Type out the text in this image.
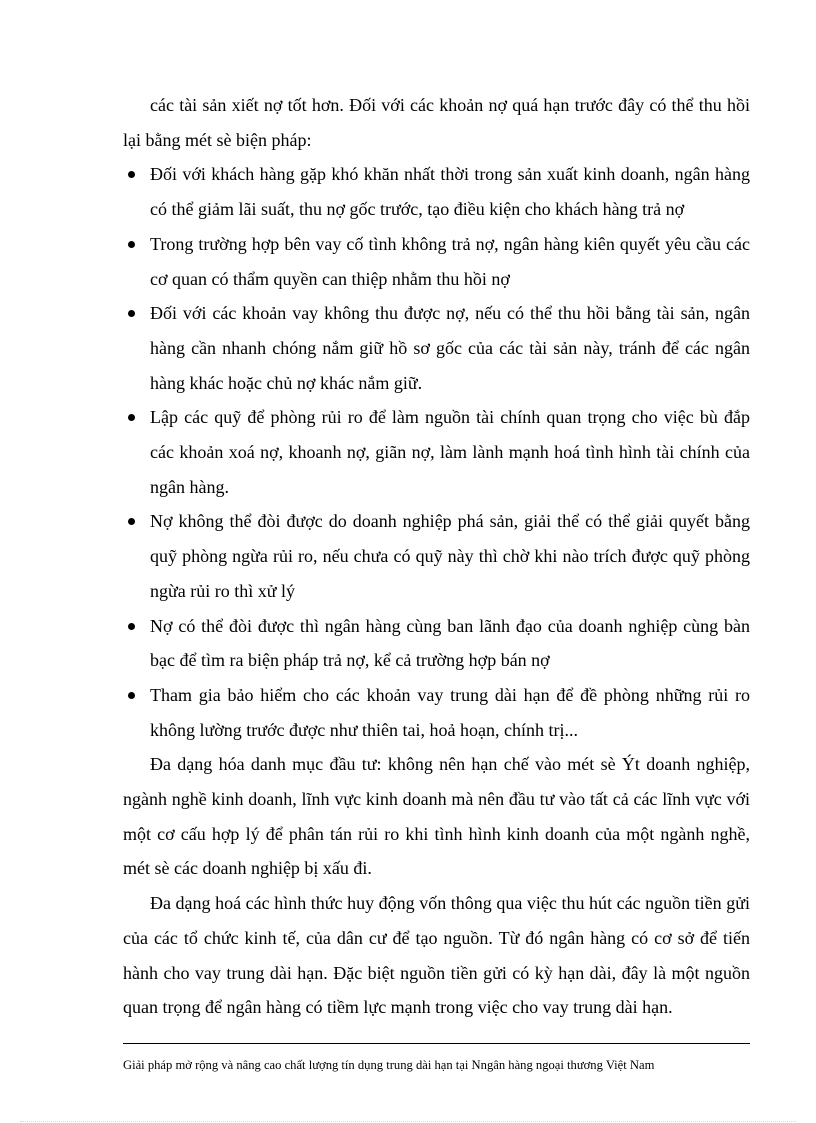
các tài sản xiết nợ tốt hơn. Đối với các khoản nợ quá hạn trước đây có thể thu hồi lại bằng mét sè biện pháp:

Đối với khách hàng gặp khó khăn nhất thời trong sản xuất kinh doanh, ngân hàng có thể giảm lãi suất, thu nợ gốc trước, tạo điều kiện cho khách hàng trả nợ
Trong trường hợp bên vay cố tình không trả nợ, ngân hàng kiên quyết yêu cầu các cơ quan có thẩm quyền can thiệp nhằm thu hồi nợ
Đối với các khoản vay không thu được nợ, nếu có thể thu hồi bằng tài sản, ngân hàng cần nhanh chóng nắm giữ hồ sơ gốc của các tài sản này, tránh để các ngân hàng khác hoặc chủ nợ khác nắm giữ.
Lập các quỹ để phòng rủi ro để làm nguồn tài chính quan trọng cho việc bù đắp các khoản xoá nợ, khoanh nợ, giãn nợ, làm lành mạnh hoá tình hình tài chính của ngân hàng.
Nợ không thể đòi được do doanh nghiệp phá sản, giải thể có thể giải quyết bằng quỹ phòng ngừa rủi ro, nếu chưa có quỹ này thì chờ khi nào trích được quỹ phòng ngừa rủi ro thì xử lý
Nợ có thể đòi được thì ngân hàng cùng ban lãnh đạo của doanh nghiệp cùng bàn bạc để tìm ra biện pháp trả nợ, kể cả trường hợp bán nợ
Tham gia bảo hiểm cho các khoản vay trung dài hạn để đề phòng những rủi ro không lường trước được như thiên tai, hoả hoạn, chính trị...

Đa dạng hóa danh mục đầu tư: không nên hạn chế vào mét sè Ýt doanh nghiệp, ngành nghề kinh doanh, lĩnh vực kinh doanh mà nên đầu tư vào tất cả các lĩnh vực với một cơ cấu hợp lý để phân tán rủi ro khi tình hình kinh doanh của một ngành nghề, mét sè các doanh nghiệp bị xấu đi.

Đa dạng hoá các hình thức huy động vốn thông qua việc thu hút các nguồn tiền gửi của các tổ chức kinh tế, của dân cư để tạo nguồn. Từ đó ngân hàng có cơ sở để tiến hành cho vay trung dài hạn. Đặc biệt nguồn tiền gửi có kỳ hạn dài, đây là một nguồn quan trọng để ngân hàng có tiềm lực mạnh trong việc cho vay trung dài hạn.

Giải pháp mở rộng và nâng cao chất lượng tín dụng trung dài hạn tại Nngân hàng ngoại thương Việt Nam
